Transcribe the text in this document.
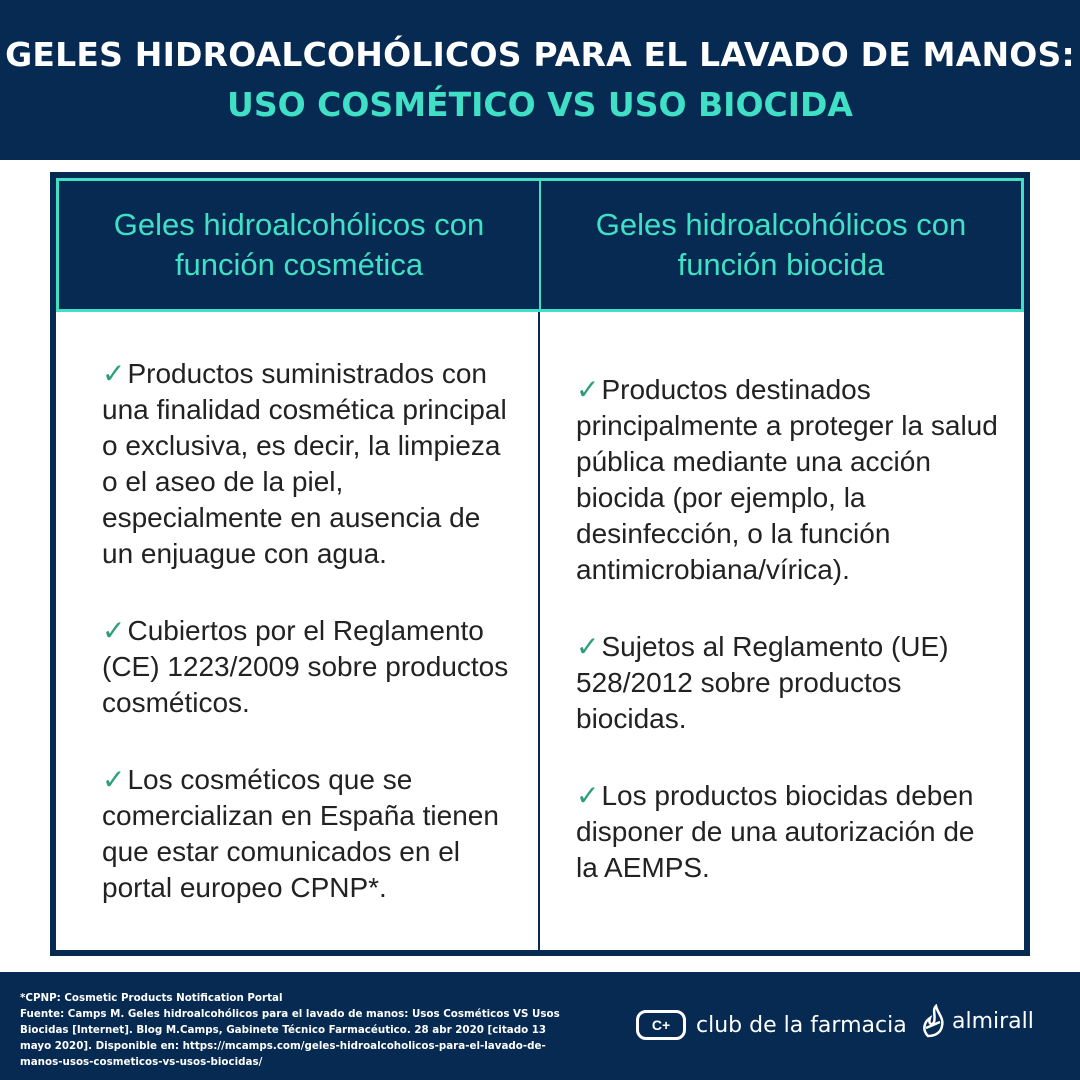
GELES HIDROALCOHÓLICOS PARA EL LAVADO DE MANOS:
USO COSMÉTICO VS USO BIOCIDA
Geles hidroalcohólicos con función cosmética
Geles hidroalcohólicos con función biocida

✓Productos suministrados con una finalidad cosmética principal o exclusiva, es decir, la limpieza o el aseo de la piel, especialmente en ausencia de un enjuague con agua.

✓Cubiertos por el Reglamento (CE) 1223/2009 sobre productos cosméticos.

✓Los cosméticos que se comercializan en España tienen que estar comunicados en el portal europeo CPNP*.

✓Productos destinados principalmente a proteger la salud pública mediante una acción biocida (por ejemplo, la desinfección, o la función antimicrobiana/vírica).

✓Sujetos al Reglamento (UE) 528/2012 sobre productos biocidas.

✓Los productos biocidas deben disponer de una autorización de la AEMPS.

*CPNP: Cosmetic Products Notification Portal
Fuente: Camps M. Geles hidroalcohólicos para el lavado de manos: Usos Cosméticos VS Usos Biocidas [Internet]. Blog M.Camps, Gabinete Técnico Farmacéutico. 28 abr 2020 [citado 13 mayo 2020]. Disponible en: https://mcamps.com/geles-hidroalcoholicos-para-el-lavado-de-manos-usos-cosmeticos-vs-usos-biocidas/
C+	club de la farmacia almirall
